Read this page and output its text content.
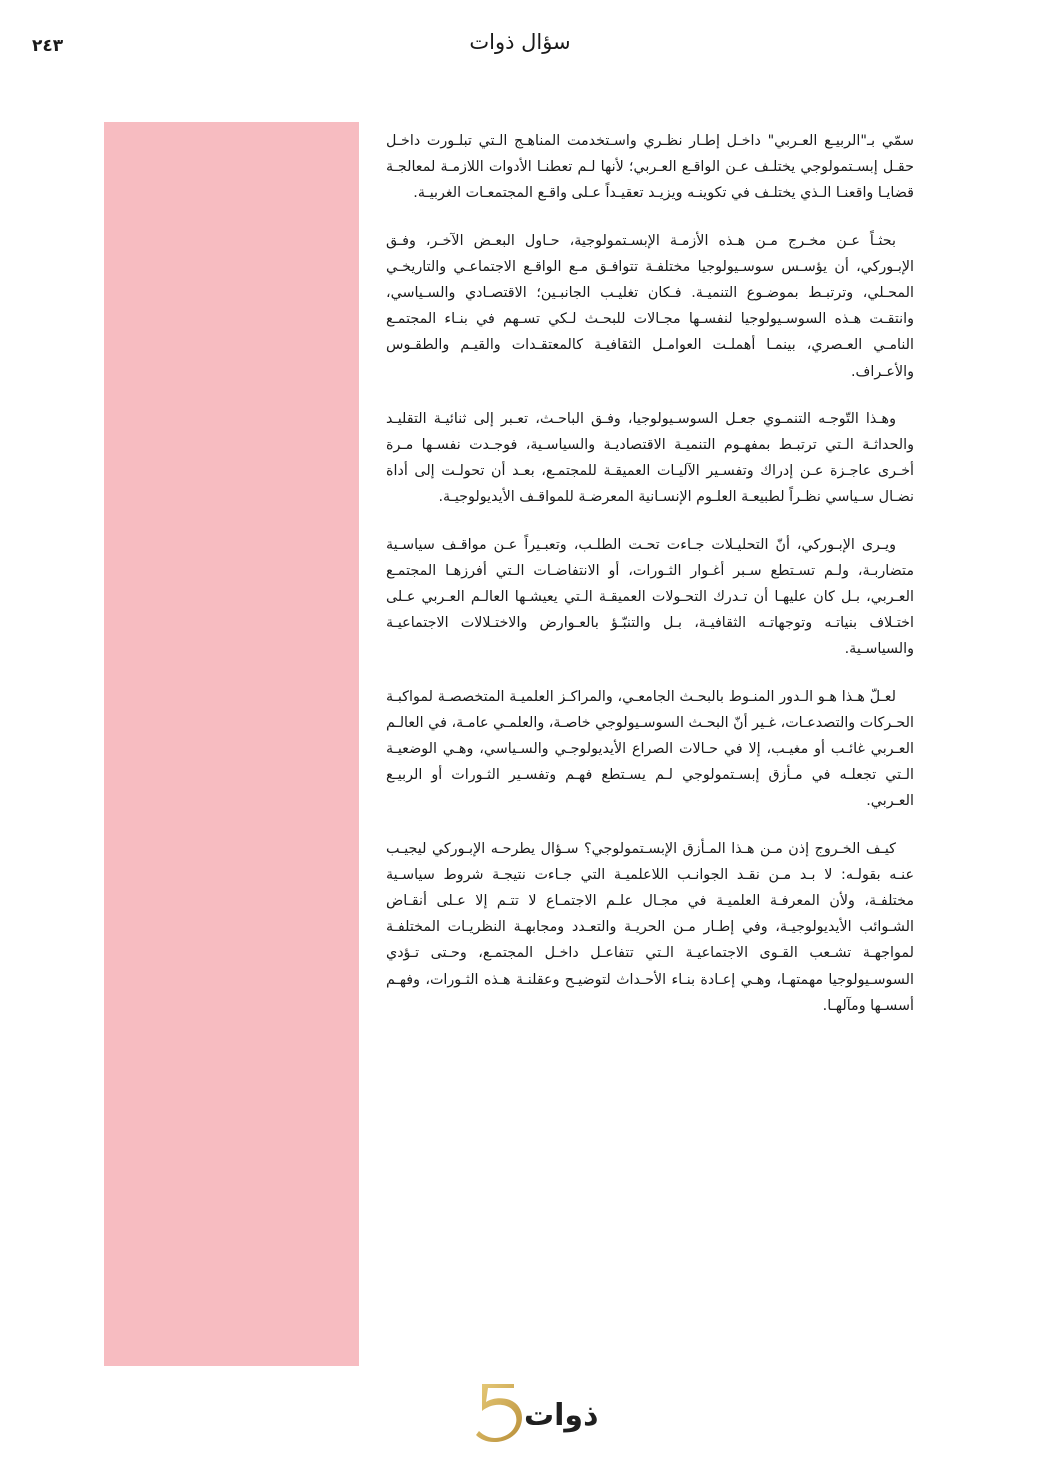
٢٤٣	سؤال ذوات

سمّي بـ"الربيـع العـربي" داخـل إطـار نظـري واسـتخدمت المناهـج الـتي تبلـورت داخـل حقـل إبسـتمولوجي يختلـف عـن الواقـع العـربي؛ لأنها لـم تعطنـا الأدوات اللازمـة لمعالجـة قضايـا واقعنـا الـذي يختلـف في تكوينـه ويزيـد تعقيـداً عـلى واقـع المجتمعـات الغربيـة.

بحثـاً عـن مخـرج مـن هـذه الأزمـة الإبسـتمولوجية، حـاول البعـض الآخـر، وفـق الإبـوركي، أن يؤسـس سوسـيولوجيا مختلفـة تتوافـق مـع الواقـع الاجتماعـي والتاريخـي المحـلي، وترتبـط بموضـوع التنميـة. فـكان تغليـب الجانبـين؛ الاقتصـادي والسـياسي، وانتقـت هـذه السوسـيولوجيا لنفسـها مجـالات للبحـث لـكي تسـهم في بنـاء المجتمـع النامـي العـصري، بينمـا أهملـت العوامـل الثقافيـة كالمعتقـدات والقيـم والطقـوس والأعـراف.

وهـذا التّوجـه التنمـوي جعـل السوسـيولوجيا، وفـق الباحـث، تعـبر إلى ثنائيـة التقليـد والحداثـة الـتي ترتبـط بمفهـوم التنميـة الاقتصاديـة والسياسـية، فوجـدت نفسـها مـرة أخـرى عاجـزة عـن إدراك وتفسـير الآليـات العميقـة للمجتمـع، بعـد أن تحولـت إلى أداة نضـال سـياسي نظـراً لطبيعـة العلـوم الإنسـانية المعرضـة للمواقـف الأيديولوجيـة.

ويـرى الإبـوركي، أنّ التحليـلات جـاءت تحـت الطلـب، وتعبـيراً عـن مواقـف سياسـية متضاربـة، ولـم تسـتطع سـبر أغـوار الثـورات، أو الانتفاضـات الـتي أفرزهـا المجتمـع العـربي، بـل كان عليهـا أن تـدرك التحـولات العميقـة الـتي يعيشـها العالـم العـربي عـلى اختـلاف بنياتـه وتوجهاتـه الثقافيـة، بـل والتنبّـؤ بالعـوارض والاختـلالات الاجتماعيـة والسياسـية.

لعـلّ هـذا هـو الـدور المنـوط بالبحـث الجامعـي، والمراكـز العلميـة المتخصصـة لمواكبـة الحـركات والتصدعـات، غـير أنّ البحـث السوسـيولوجي خاصـة، والعلمـي عامـة، في العالـم العـربي غائـب أو مغيـب، إلا في حـالات الصراع الأيديولوجـي والسـياسي، وهـي الوضعيـة الـتي تجعلـه في مـأزق إبسـتمولوجي لـم يسـتطع فهـم وتفسـير الثـورات أو الربيـع العـربي.

كيـف الخـروج إذن مـن هـذا المـأزق الإبسـتمولوجي؟ سـؤال يطرحـه الإبـوركي ليجيـب عنـه بقولـه: لا بـد مـن نقـد الجوانـب اللاعلميـة التي جـاءت نتيجـة شروط سياسـية مختلفـة، ولأن المعرفـة العلميـة في مجـال علـم الاجتمـاع لا تتـم إلا عـلى أنقـاض الشـوائب الأيديولوجيـة، وفي إطـار مـن الحريـة والتعـدد ومجابهـة النظريـات المختلفـة لمواجهـة تشـعب القـوى الاجتماعيـة الـتي تتفاعـل داخـل المجتمـع، وحـتى تـؤدي السوسـيولوجيا مهمتهـا، وهـي إعـادة بنـاء الأحـداث لتوضيـح وعقلنـة هـذه الثـورات، وفهـم أسسـها ومآلهـا.

5
ذوات
